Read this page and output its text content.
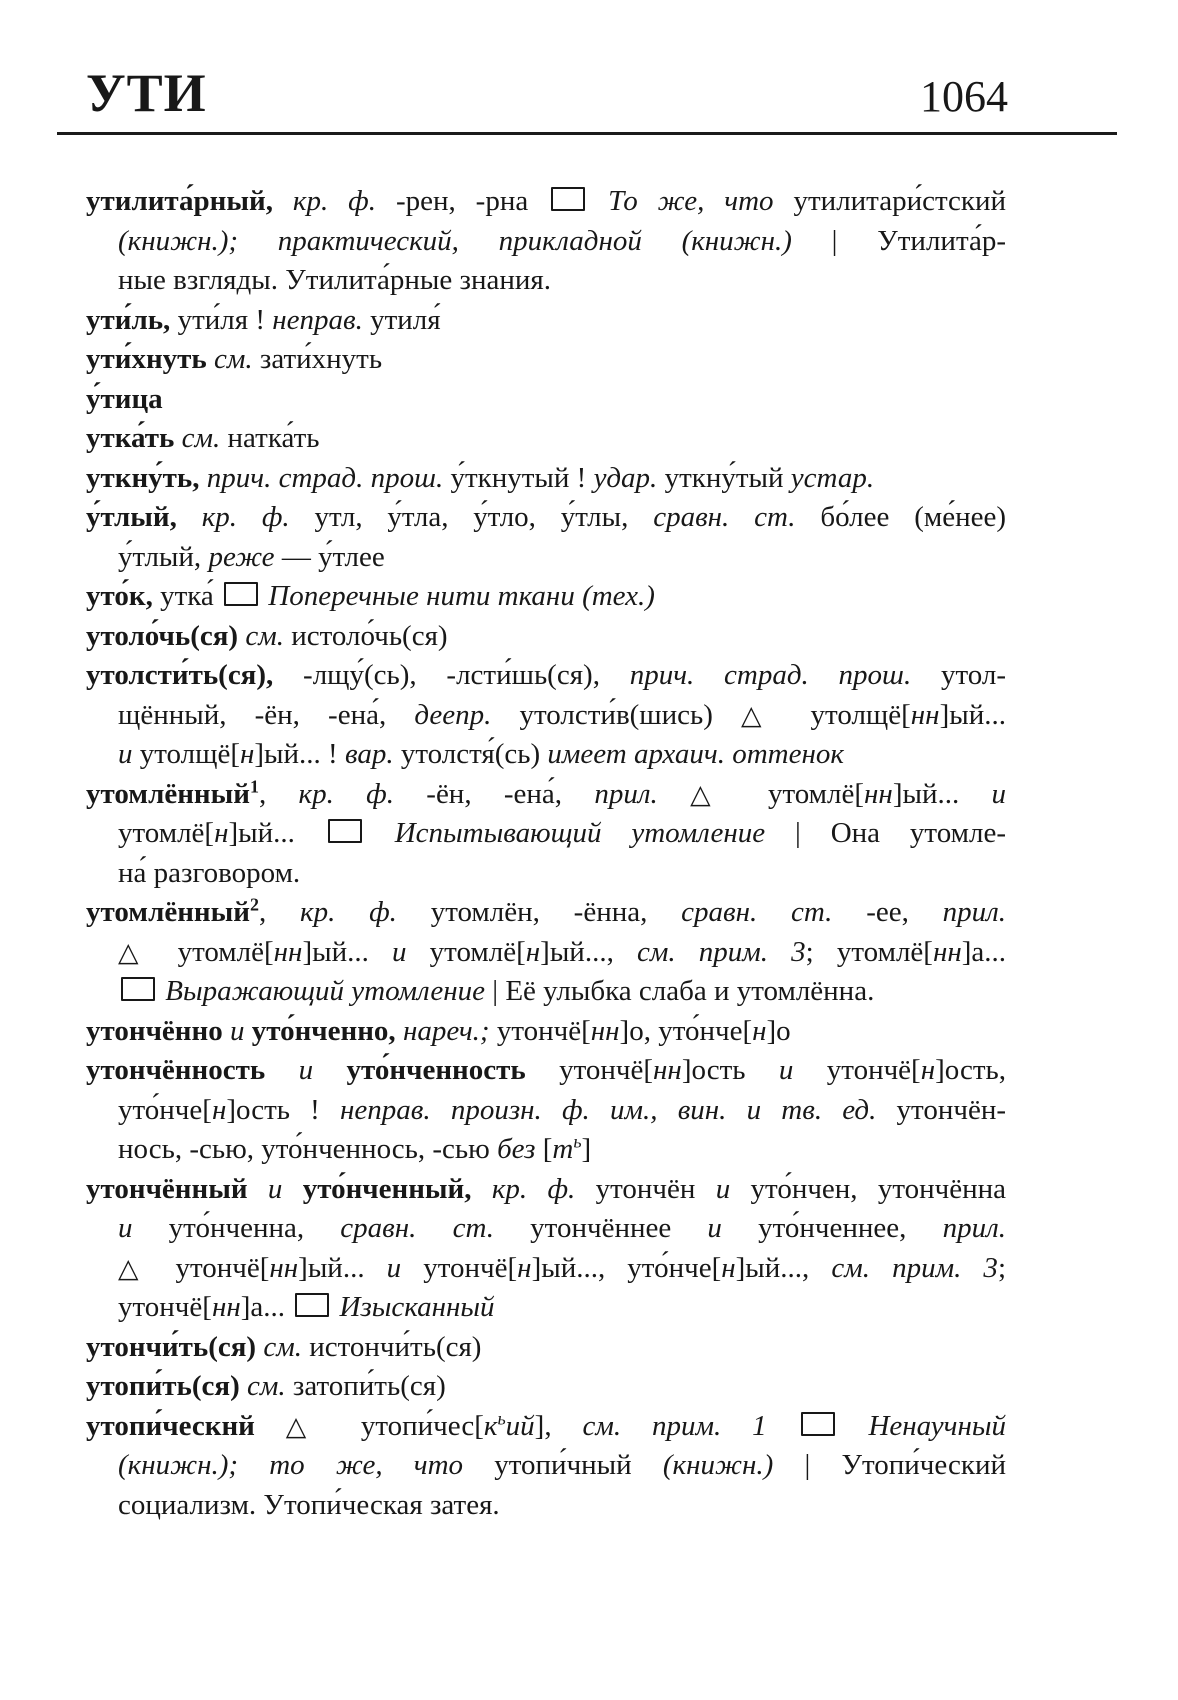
УТИ	1064
утилита́рный, кр. ф. -рен, -рна  То же, что утилитари́стский
(книжн.); практический, прикладной (книжн.) | Утилита́р-
ные взгляды. Утилита́рные знания.
ути́ль, ути́ля ! неправ. утиля́
ути́хнуть см. зати́хнуть
у́тица
утка́ть см. натка́ть
уткну́ть, прич. страд. прош. у́ткнутый ! удар. уткну́тый устар.
у́тлый, кр. ф. утл, у́тла, у́тло, у́тлы, сравн. ст. бо́лее (ме́нее)
у́тлый, реже — у́тлее
уто́к, утка́  Поперечные нити ткани (тех.)
утоло́чь(ся) см. истоло́чь(ся)
утолсти́ть(ся), -лщу́(сь), -лсти́шь(ся), прич. страд. прош. утол-
щённый, -ён, -ена́, деепр. утолсти́в(шись) △ утолщё[нн]ый...
и утолщё[н]ый... ! вар. утолстя́(сь) имеет архаич. оттенок
утомлённый$^1$, кр. ф. -ён, -ена́, прил. △ утомлё[нн]ый... и
утомлё[н]ый...  Испытывающий утомление | Она утомле-
на́ разговором.
утомлённый$^2$, кр. ф. утомлён, -ённа, сравн. ст. -ее, прил.
△ утомлё[нн]ый... и утомлё[н]ый..., см. прим. 3; утомлё[нн]а...
Выражающий утомление | Её улыбка слаба и утомлённа.
утончённо и уто́нченно, нареч.; утончё[нн]о, уто́нче[н]о
утончённость и уто́нченность утончё[нн]ость и утончё[н]ость,
уто́нче[н]ость ! неправ. произн. ф. им., вин. и тв. ед. утончён-
нось, -сью, уто́нченнось, -сью без $[т^ь]$
утончённый и уто́нченный, кр. ф. утончён и уто́нчен, утончённа
и уто́нченна, сравн. ст. утончённее и уто́нченнее, прил.
△ утончё[нн]ый... и утончё[н]ый..., уто́нче[н]ый..., см. прим. 3;
утончё[нн]а...  Изысканный
утончи́ть(ся) см. истончи́ть(ся)
утопи́ть(ся) см. затопи́ть(ся)
утопи́ческнй △ $утопи́чес[к^ьий]$, см. прим. 1	Ненаучный
(книжн.); то же, что утопи́чный (книжн.) | Утопи́ческий
социализм. Утопи́ческая затея.
